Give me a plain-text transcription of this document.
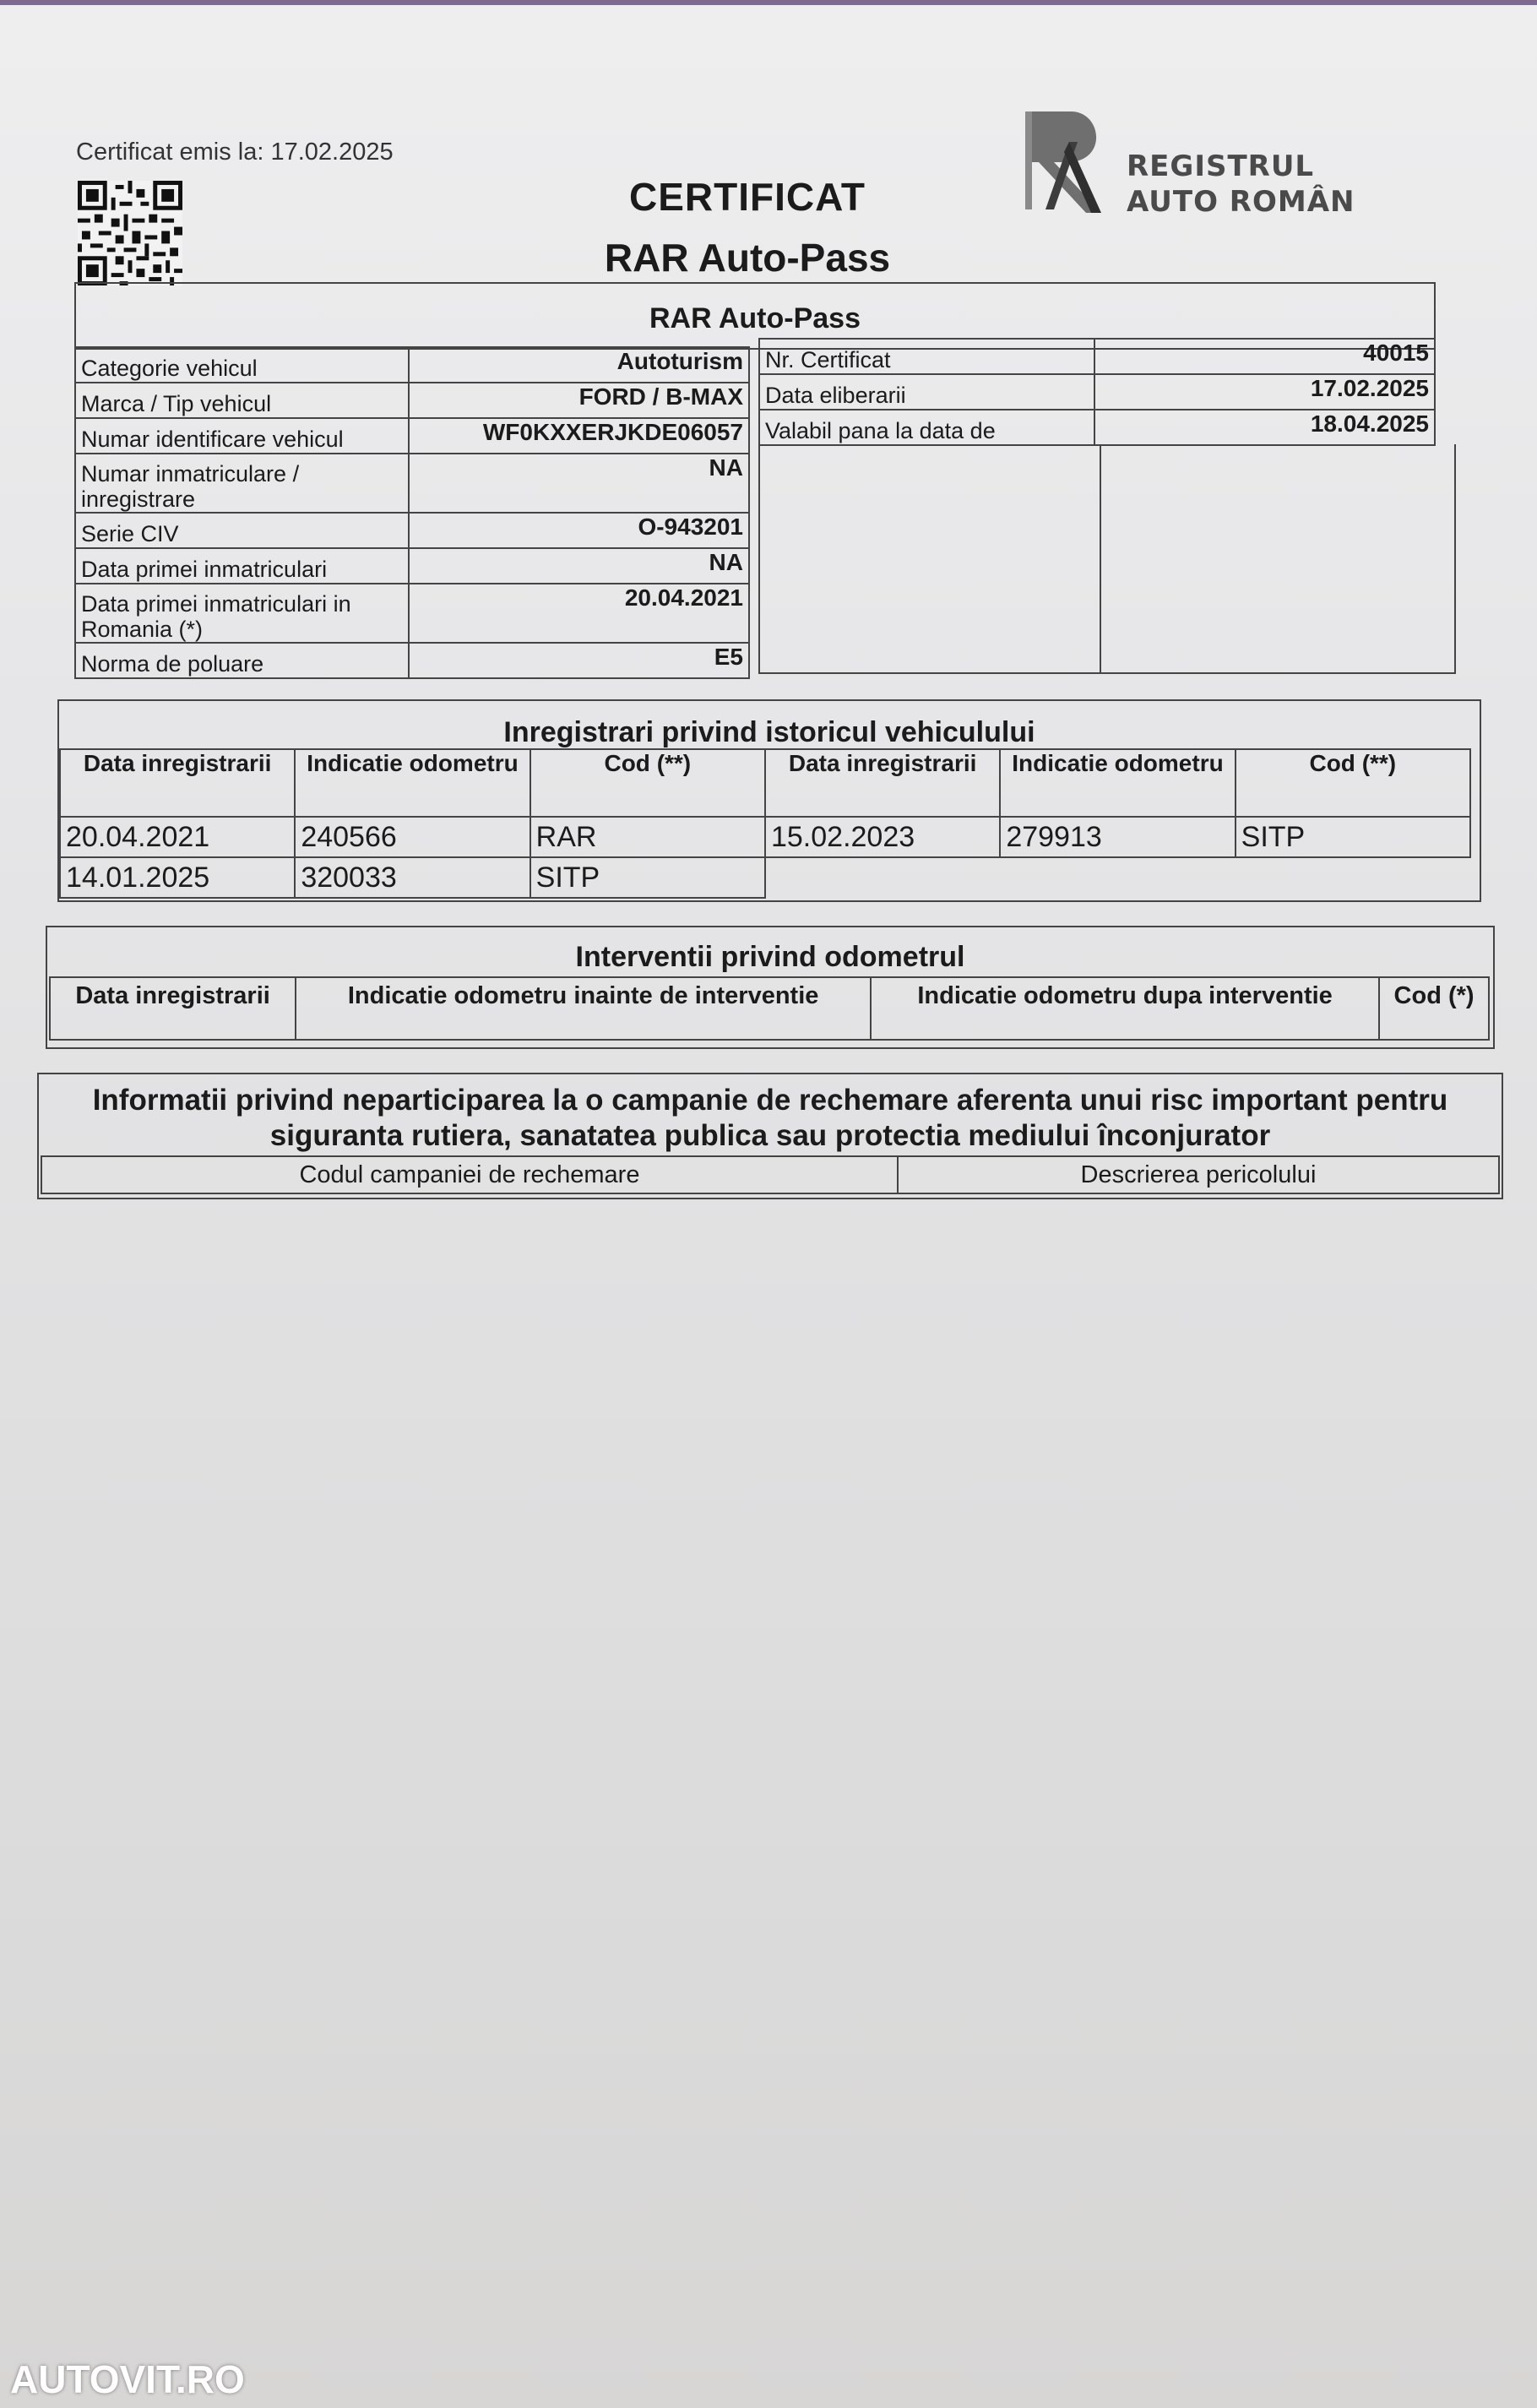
Certificat emis la: 17.02.2025
CERTIFICAT
RAR Auto-Pass
REGISTRUL
AUTO ROMÂN
RAR Auto-Pass
Categorie vehicul	Autoturism
Marca / Tip vehicul	FORD / B-MAX
Numar identificare vehicul	WF0KXXERJKDE06057
Numar inmatriculare / inregistrare	NA
Serie CIV	O-943201
Data primei inmatriculari	NA
Data primei inmatriculari in Romania (*)	20.04.2021
Norma de poluare	E5
Nr. Certificat	40015
Data eliberarii	17.02.2025
Valabil pana la data de	18.04.2025
Inregistrari privind istoricul vehiculului
Data inregistrarii	Indicatie odometru	Cod (**)	Data inregistrarii	Indicatie odometru	Cod (**)
20.04.2021	240566	RAR	15.02.2023	279913	SITP
14.01.2025	320033	SITP			
Interventii privind odometrul
Data inregistrarii	Indicatie odometru inainte de interventie	Indicatie odometru dupa interventie	Cod (*)
Informatii privind neparticiparea la o campanie de rechemare aferenta unui risc important pentru siguranta rutiera, sanatatea publica sau protectia mediului înconjurator
Codul campaniei de rechemare	Descrierea pericolului
AUTOVIT.RO
